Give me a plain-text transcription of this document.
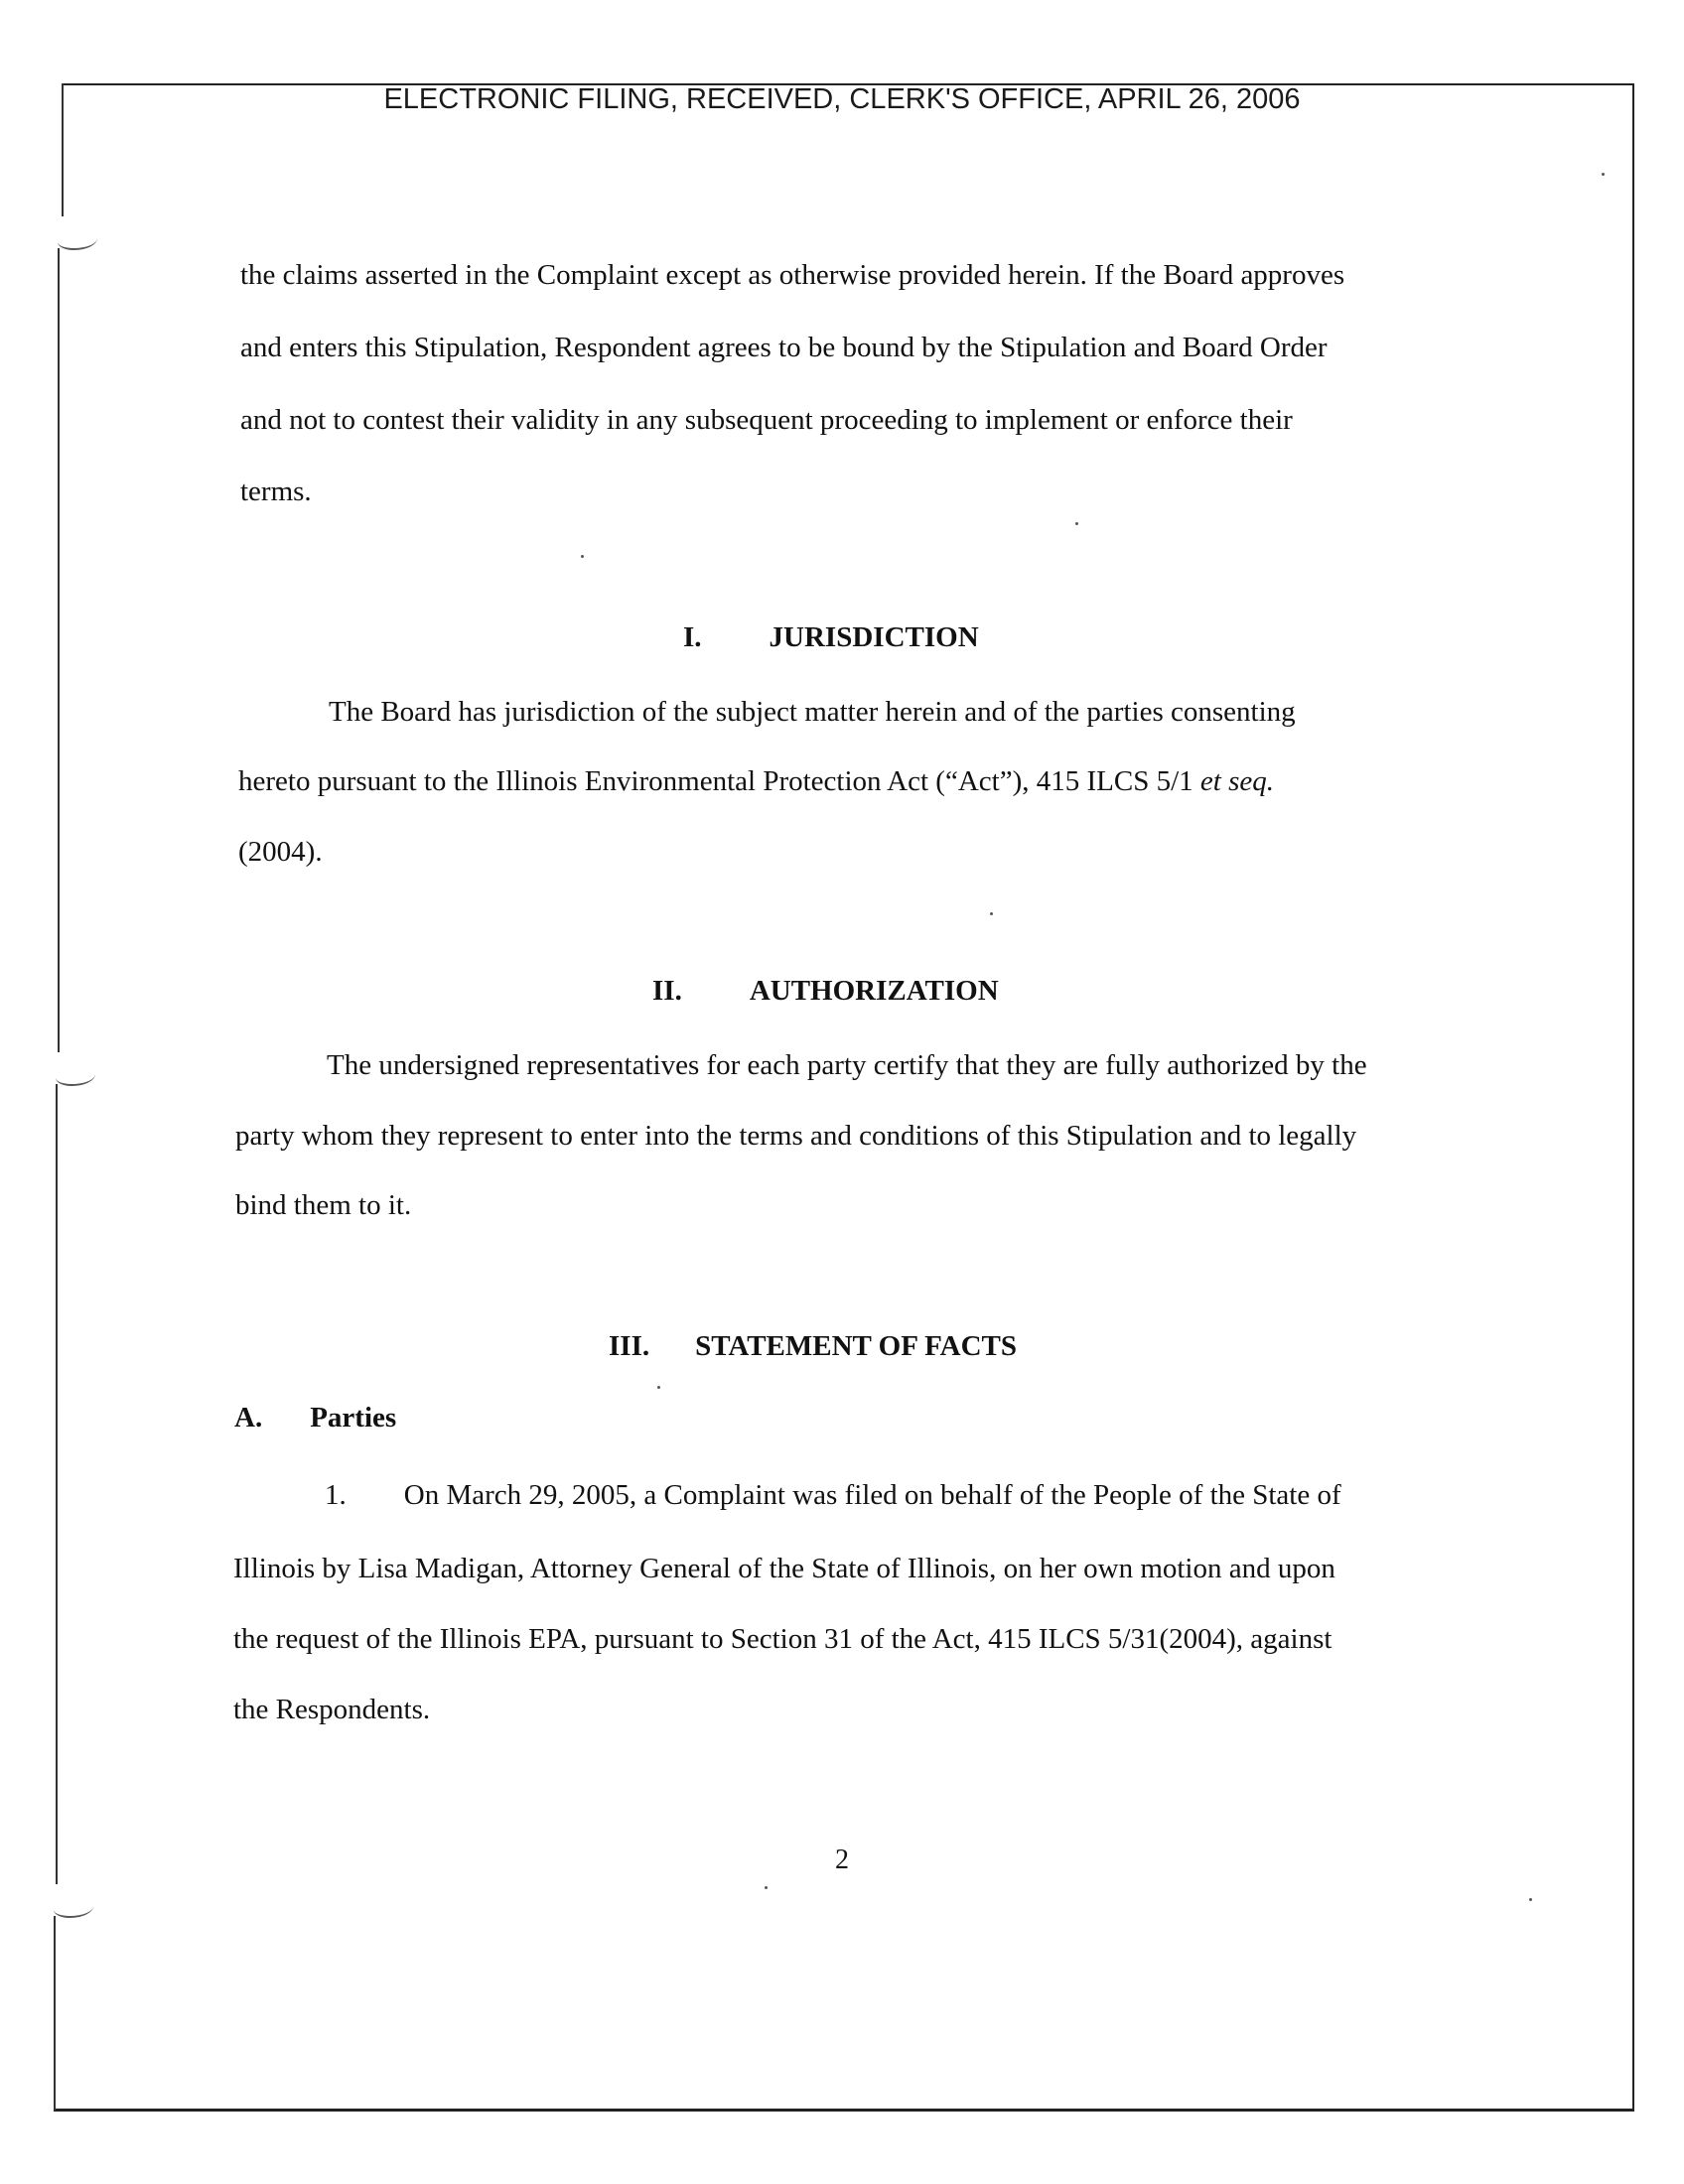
ELECTRONIC FILING, RECEIVED, CLERK'S OFFICE, APRIL 26, 2006
the claims asserted in the Complaint except as otherwise provided herein. If the Board approves
and enters this Stipulation, Respondent agrees to be bound by the Stipulation and Board Order
and not to contest their validity in any subsequent proceeding to implement or enforce their
terms.
I. JURISDICTION
The Board has jurisdiction of the subject matter herein and of the parties consenting
hereto pursuant to the Illinois Environmental Protection Act (“Act”), 415 ILCS 5/1 et seq.
(2004).
II. AUTHORIZATION
The undersigned representatives for each party certify that they are fully authorized by the
party whom they represent to enter into the terms and conditions of this Stipulation and to legally
bind them to it.
III. STATEMENT OF FACTS
A. Parties
1. On March 29, 2005, a Complaint was filed on behalf of the People of the State of
Illinois by Lisa Madigan, Attorney General of the State of Illinois, on her own motion and upon
the request of the Illinois EPA, pursuant to Section 31 of the Act, 415 ILCS 5/31(2004), against
the Respondents.
2
